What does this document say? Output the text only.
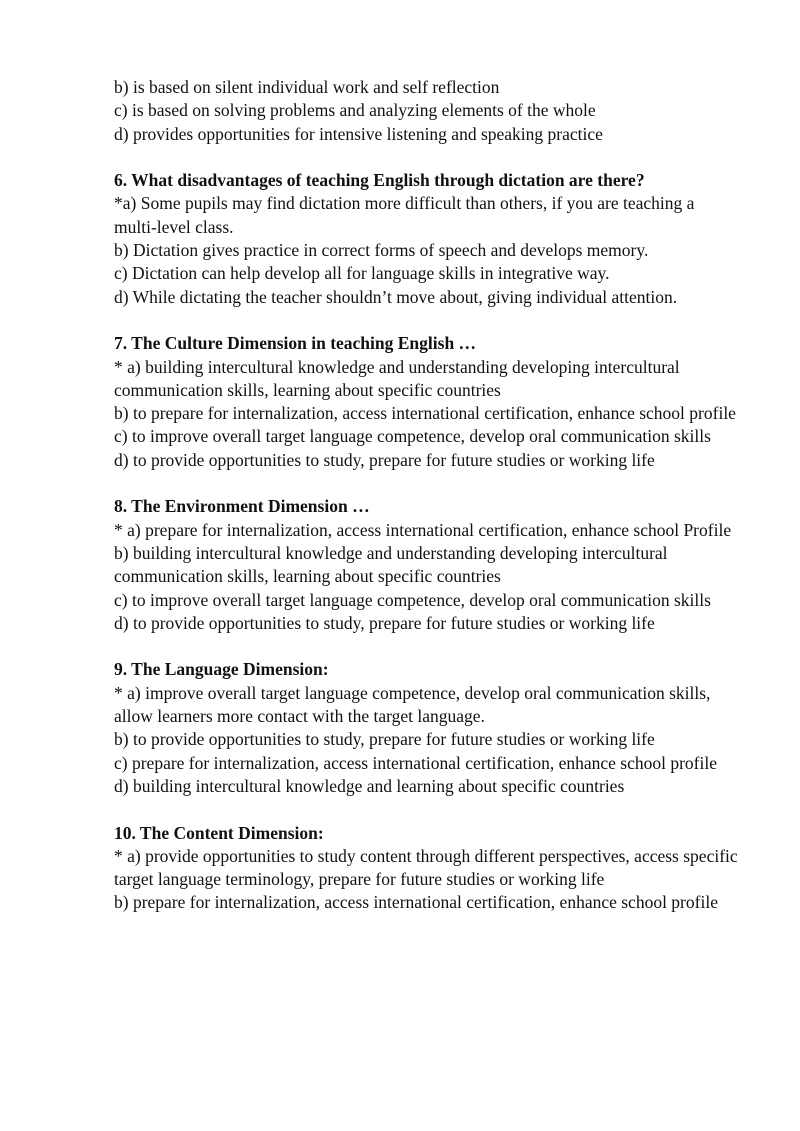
b) is based on silent individual work and self reflection

c) is based on solving problems and analyzing elements of the whole

d) provides opportunities for intensive listening and speaking practice

6. What disadvantages of teaching English through dictation are there?

*a) Some pupils may find dictation more difficult than others, if you are teaching a multi-level class.

b) Dictation gives practice in correct forms of speech and develops memory.

c) Dictation can help develop all for language skills in integrative way.

d) While dictating the teacher shouldn’t move about, giving individual attention.

7. The Culture Dimension in teaching English …

* a) building intercultural knowledge and understanding developing intercultural communication skills, learning about specific countries

b) to prepare for internalization, access international certification, enhance school profile

c) to improve overall target language competence, develop oral communication skills

d) to provide opportunities to study, prepare for future studies or working life

8. The Environment Dimension …

* a) prepare for internalization, access international certification, enhance school Profile

b) building intercultural knowledge and understanding developing intercultural communication skills, learning about specific countries

c) to improve overall target language competence, develop oral communication skills

d) to provide opportunities to study, prepare for future studies or working life

9. The Language Dimension:

* a) improve overall target language competence, develop oral communication skills, allow learners more contact with the target language.

b) to provide opportunities to study, prepare for future studies or working life

c) prepare for internalization, access international certification, enhance school profile

d) building intercultural knowledge and learning about specific countries

10. The Content Dimension:

* a) provide opportunities to study content through different perspectives, access specific target language terminology, prepare for future studies or working life

b) prepare for internalization, access international certification, enhance school profile
